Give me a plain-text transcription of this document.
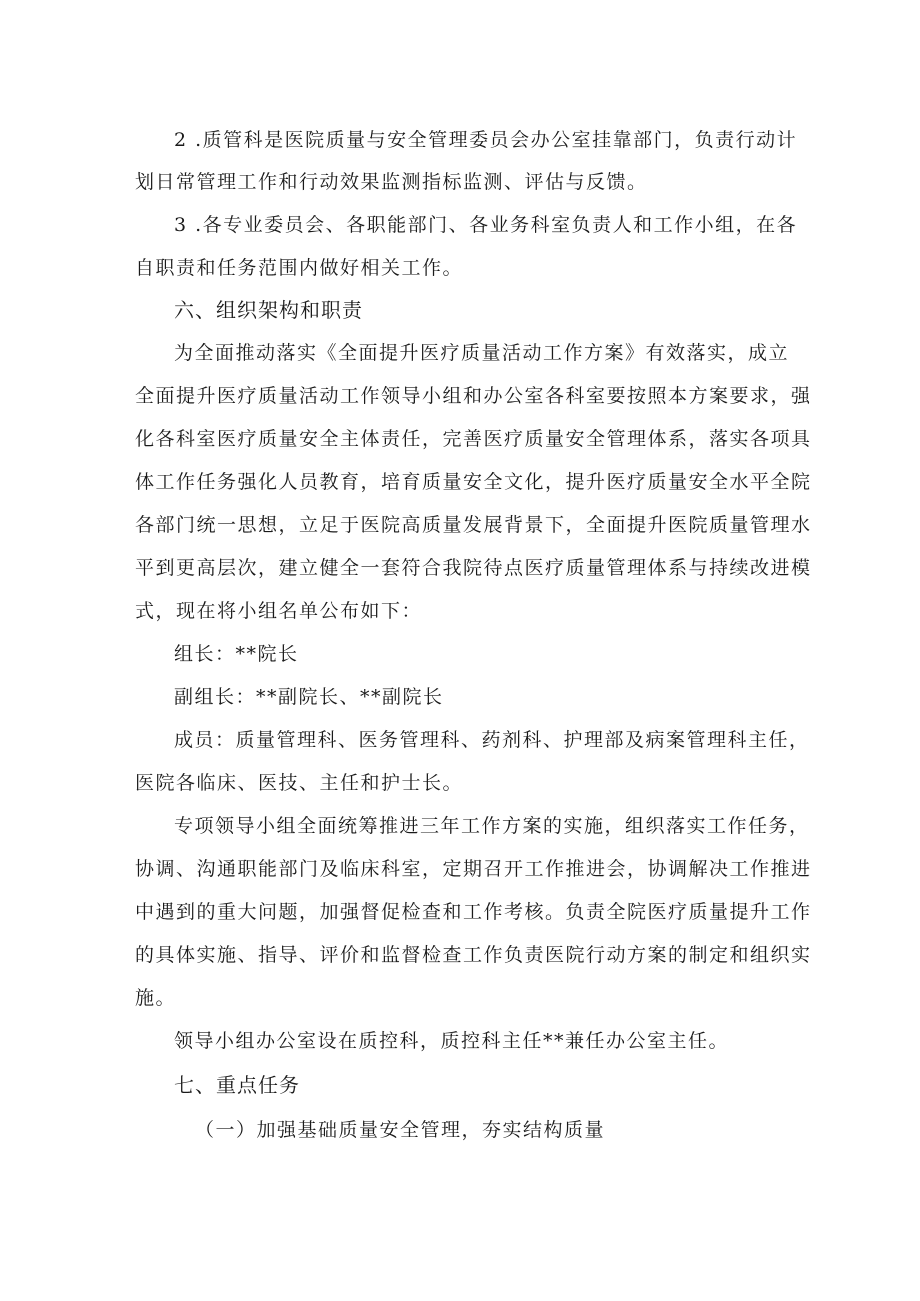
2 .质管科是医院质量与安全管理委员会办公室挂靠部门，负责行动计
划日常管理工作和行动效果监测指标监测、评估与反馈。
3 .各专业委员会、各职能部门、各业务科室负责人和工作小组，在各
自职责和任务范围内做好相关工作。
六、组织架构和职责
为全面推动落实《全面提升医疗质量活动工作方案》有效落实，成立
全面提升医疗质量活动工作领导小组和办公室各科室要按照本方案要求，强
化各科室医疗质量安全主体责任，完善医疗质量安全管理体系，落实各项具
体工作任务强化人员教育，培育质量安全文化，提升医疗质量安全水平全院
各部门统一思想，立足于医院高质量发展背景下，全面提升医院质量管理水
平到更高层次，建立健全一套符合我院待点医疗质量管理体系与持续改进模
式，现在将小组名单公布如下：
组长：**院长
副组长：**副院长、**副院长
成员：质量管理科、医务管理科、药剂科、护理部及病案管理科主任，
医院各临床、医技、主任和护士长。
专项领导小组全面统筹推进三年工作方案的实施，组织落实工作任务，
协调、沟通职能部门及临床科室，定期召开工作推进会，协调解决工作推进
中遇到的重大问题，加强督促检查和工作考核。负责全院医疗质量提升工作
的具体实施、指导、评价和监督检查工作负责医院行动方案的制定和组织实
施。
领导小组办公室设在质控科，质控科主任**兼任办公室主任。
七、重点任务
（一）加强基础质量安全管理，夯实结构质量
